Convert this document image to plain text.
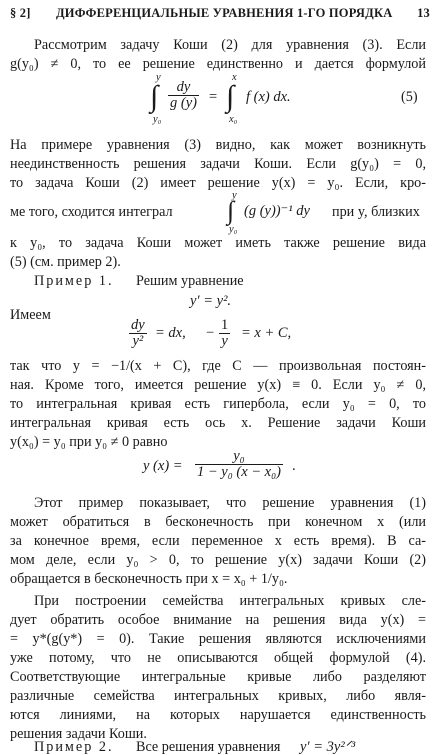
§ 2] ДИФФЕРЕНЦИАЛЬНЫЕ УРАВНЕНИЯ 1-ГО ПОРЯДКА 13
Рассмотрим задачу Коши (2) для уравнения (3). Если
g(y₀) ≠ 0, то ее решение единственно и дается формулой
y
∫
y₀
$\frac{dy}{g (y)}$ =
x
∫
x₀
f (x) dx.	(5)
На примере уравнения (3) видно, как может возникнуть
неединственность решения задачи Коши. Если g(y₀) = 0,
то задача Коши (2) имеет решение y(x) = y₀. Если, кро-
ме того, сходится интеграл
y
∫
y₀
(g (y))⁻¹ dy при y, близких
к y₀, то задача Коши может иметь также решение вида
(5) (см. пример 2).
Пример 1. Решим уравнение
y′ = y².
Имеем
$\frac{dy}{\text{y²}}$ = dx, − $\frac{1}{y} = x + C$,
так что y = −1/(x + C), где C — произвольная постоян-
ная. Кроме того, имеется решение y(x) ≡ 0. Если y₀ ≠ 0,
то интегральная кривая есть гипербола, если y₀ = 0, то
интегральная кривая есть ось x. Решение задачи Коши
y(x₀) = y₀ при y₀ ≠ 0 равно
y $(x) = \frac{\text{y₀}}{\text{1 − y₀ (x − x₀)}}$ .
Этот пример показывает, что решение уравнения (1)
может обратиться в бесконечность при конечном x (или
за конечное время, если переменное x есть время). В са-
мом деле, если y₀ > 0, то решение y(x) задачи Коши (2)
обращается в бесконечность при x = x₀ + 1/y₀.
При построении семейства интегральных кривых сле-
дует обратить особое внимание на решения вида y(x) =
= y*(g(y*) = 0). Такие решения являются исключениями
уже потому, что не описываются общей формулой (4).
Соответствующие интегральные кривые либо разделяют
различные семейства интегральных кривых, либо явля-
ются линиями, на которых нарушается единственность
решения задачи Коши.
Пример 2. Все решения уравнения y′ = 3y²ᐟ³
